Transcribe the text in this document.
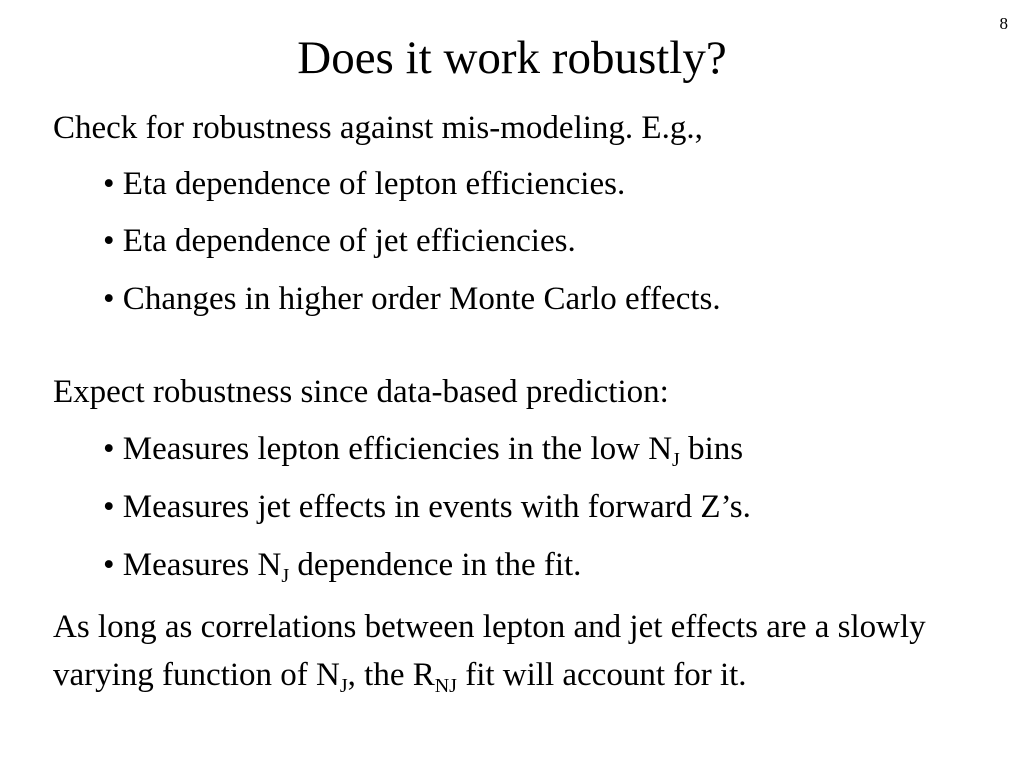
8
Does it work robustly?
Check for robustness against mis-modeling. E.g.,
• Eta dependence of lepton efficiencies.
• Eta dependence of jet efficiencies.
• Changes in higher order Monte Carlo effects.
Expect robustness since data-based prediction:
• Measures lepton efficiencies in the low $N_J$ bins
• Measures jet effects in events with forward Z’s.
• Measures $N_J$ dependence in the fit.
As long as correlations between lepton and jet effects are a slowly varying function of $N_J$, the $R_{NJ}$ fit will account for it.
